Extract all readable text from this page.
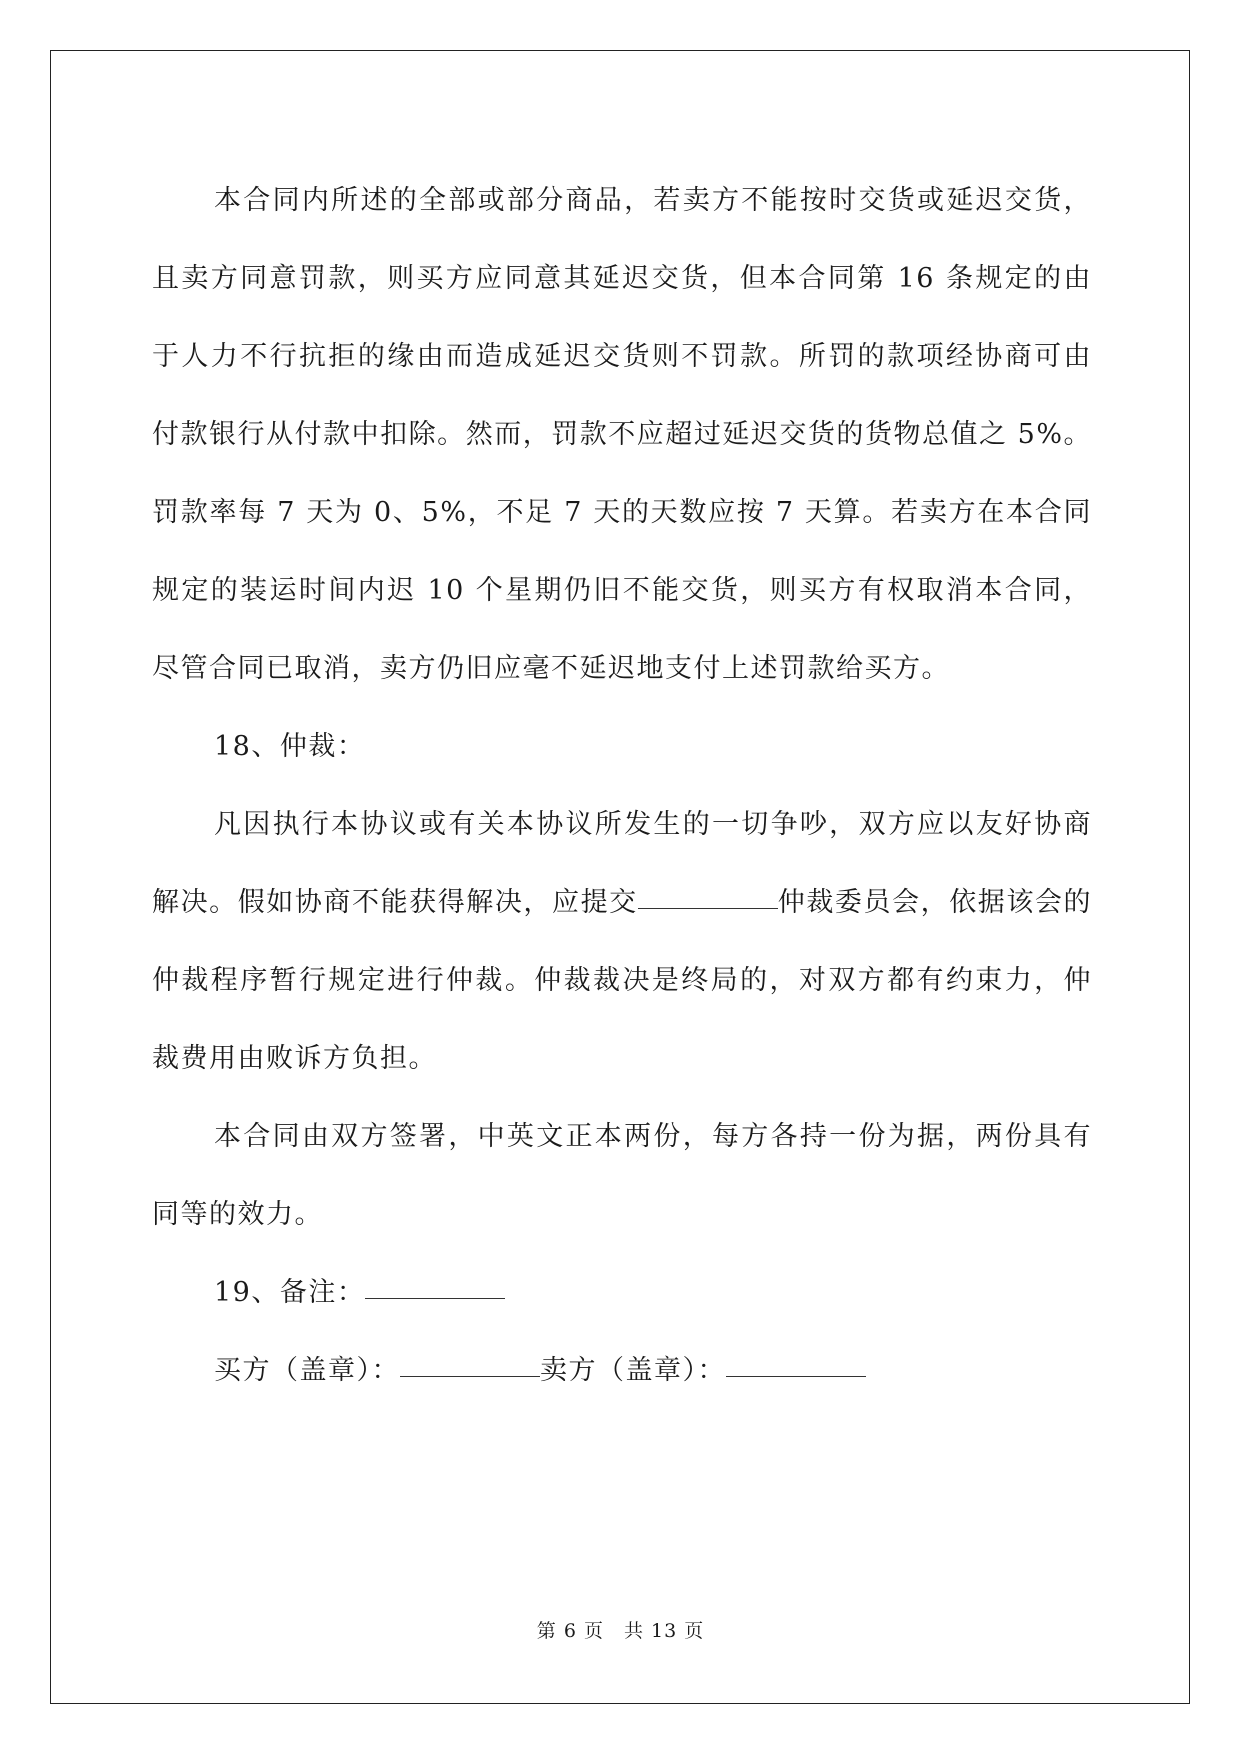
本合同内所述的全部或部分商品，若卖方不能按时交货或延迟交货，且卖方同意罚款，则买方应同意其延迟交货，但本合同第 16 条规定的由于人力不行抗拒的缘由而造成延迟交货则不罚款。所罚的款项经协商可由付款银行从付款中扣除。然而，罚款不应超过延迟交货的货物总值之 5%。罚款率每 7 天为 0、5%，不足 7 天的天数应按 7 天算。若卖方在本合同规定的装运时间内迟 10 个星期仍旧不能交货，则买方有权取消本合同，尽管合同已取消，卖方仍旧应毫不延迟地支付上述罚款给买方。

18、仲裁：

凡因执行本协议或有关本协议所发生的一切争吵，双方应以友好协商解决。假如协商不能获得解决，应提交	仲裁委员会，依据该会的仲裁程序暂行规定进行仲裁。仲裁裁决是终局的，对双方都有约束力，仲裁费用由败诉方负担。

本合同由双方签署，中英文正本两份，每方各持一份为据，两份具有同等的效力。

19、备注：

买方（盖章）：	卖方（盖章）：

第 6 页　共 13 页
